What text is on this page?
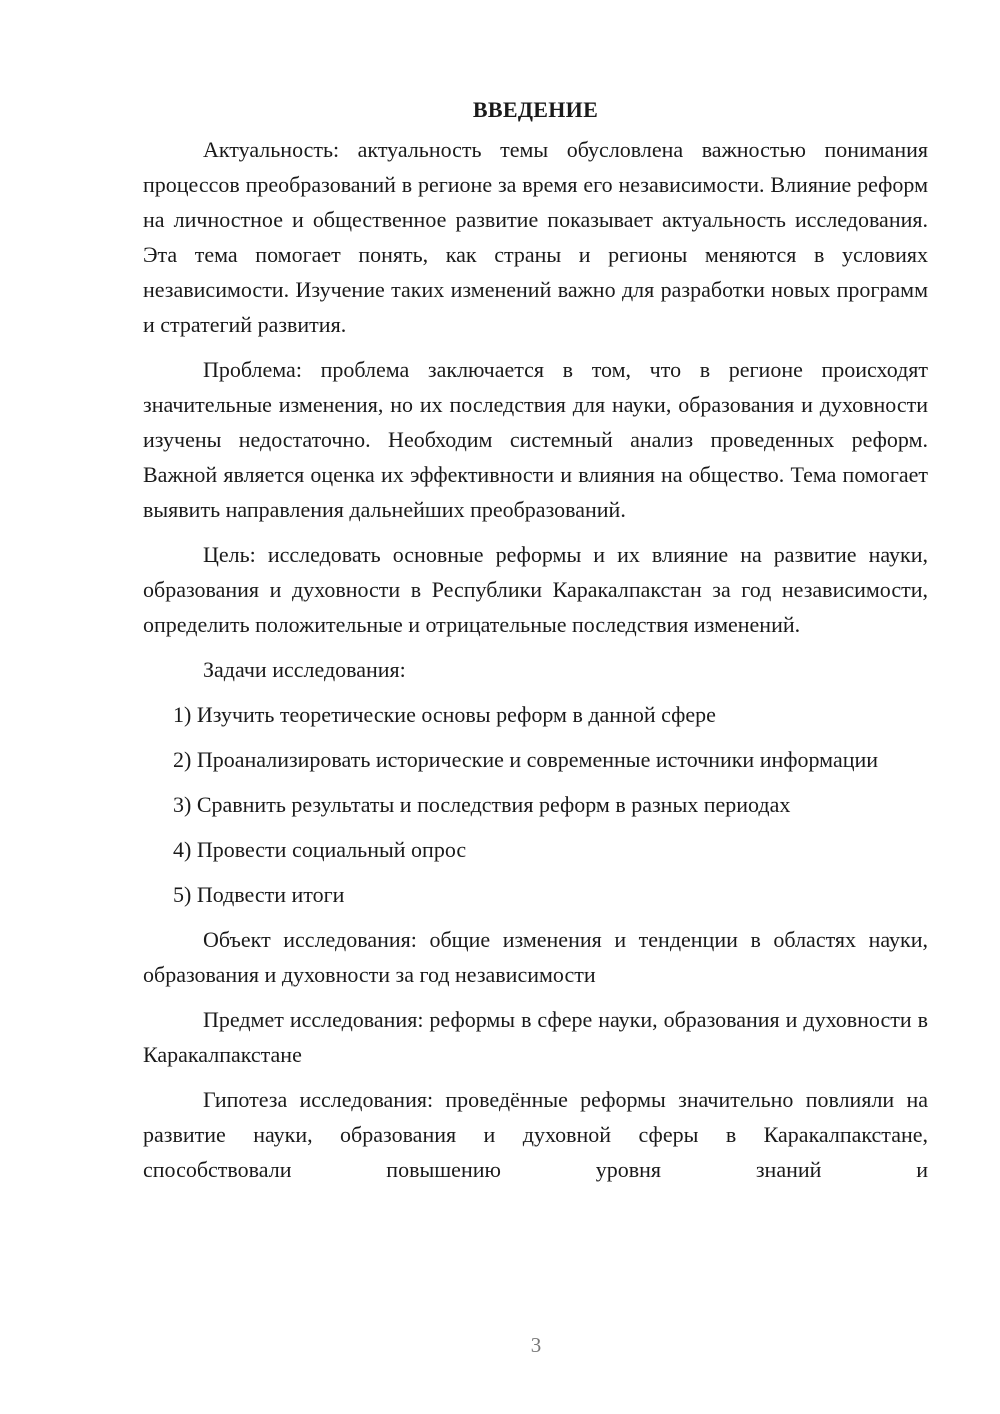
ВВЕДЕНИЕ

Актуальность: актуальность темы обусловлена важностью понимания процессов преобразований в регионе за время его независимости. Влияние реформ на личностное и общественное развитие показывает актуальность исследования. Эта тема помогает понять, как страны и регионы меняются в условиях независимости. Изучение таких изменений важно для разработки новых программ и стратегий развития.

Проблема: проблема заключается в том, что в регионе происходят значительные изменения, но их последствия для науки, образования и духовности изучены недостаточно. Необходим системный анализ проведенных реформ. Важной является оценка их эффективности и влияния на общество. Тема помогает выявить направления дальнейших преобразований.

Цель: исследовать основные реформы и их влияние на развитие науки, образования и духовности в Республики Каракалпакстан за год независимости, определить положительные и отрицательные последствия изменений.

Задачи исследования:

1) Изучить теоретические основы реформ в данной сфере

2) Проанализировать исторические и современные источники информации

3) Сравнить результаты и последствия реформ в разных периодах

4) Провести социальный опрос

5) Подвести итоги

Объект исследования: общие изменения и тенденции в областях науки, образования и духовности за год независимости

Предмет исследования: реформы в сфере науки, образования и духовности в Каракалпакстане

Гипотеза исследования: проведённые реформы значительно повлияли на развитие науки, образования и духовной сферы в Каракалпакстане, способствовали повышению уровня знаний и

3
